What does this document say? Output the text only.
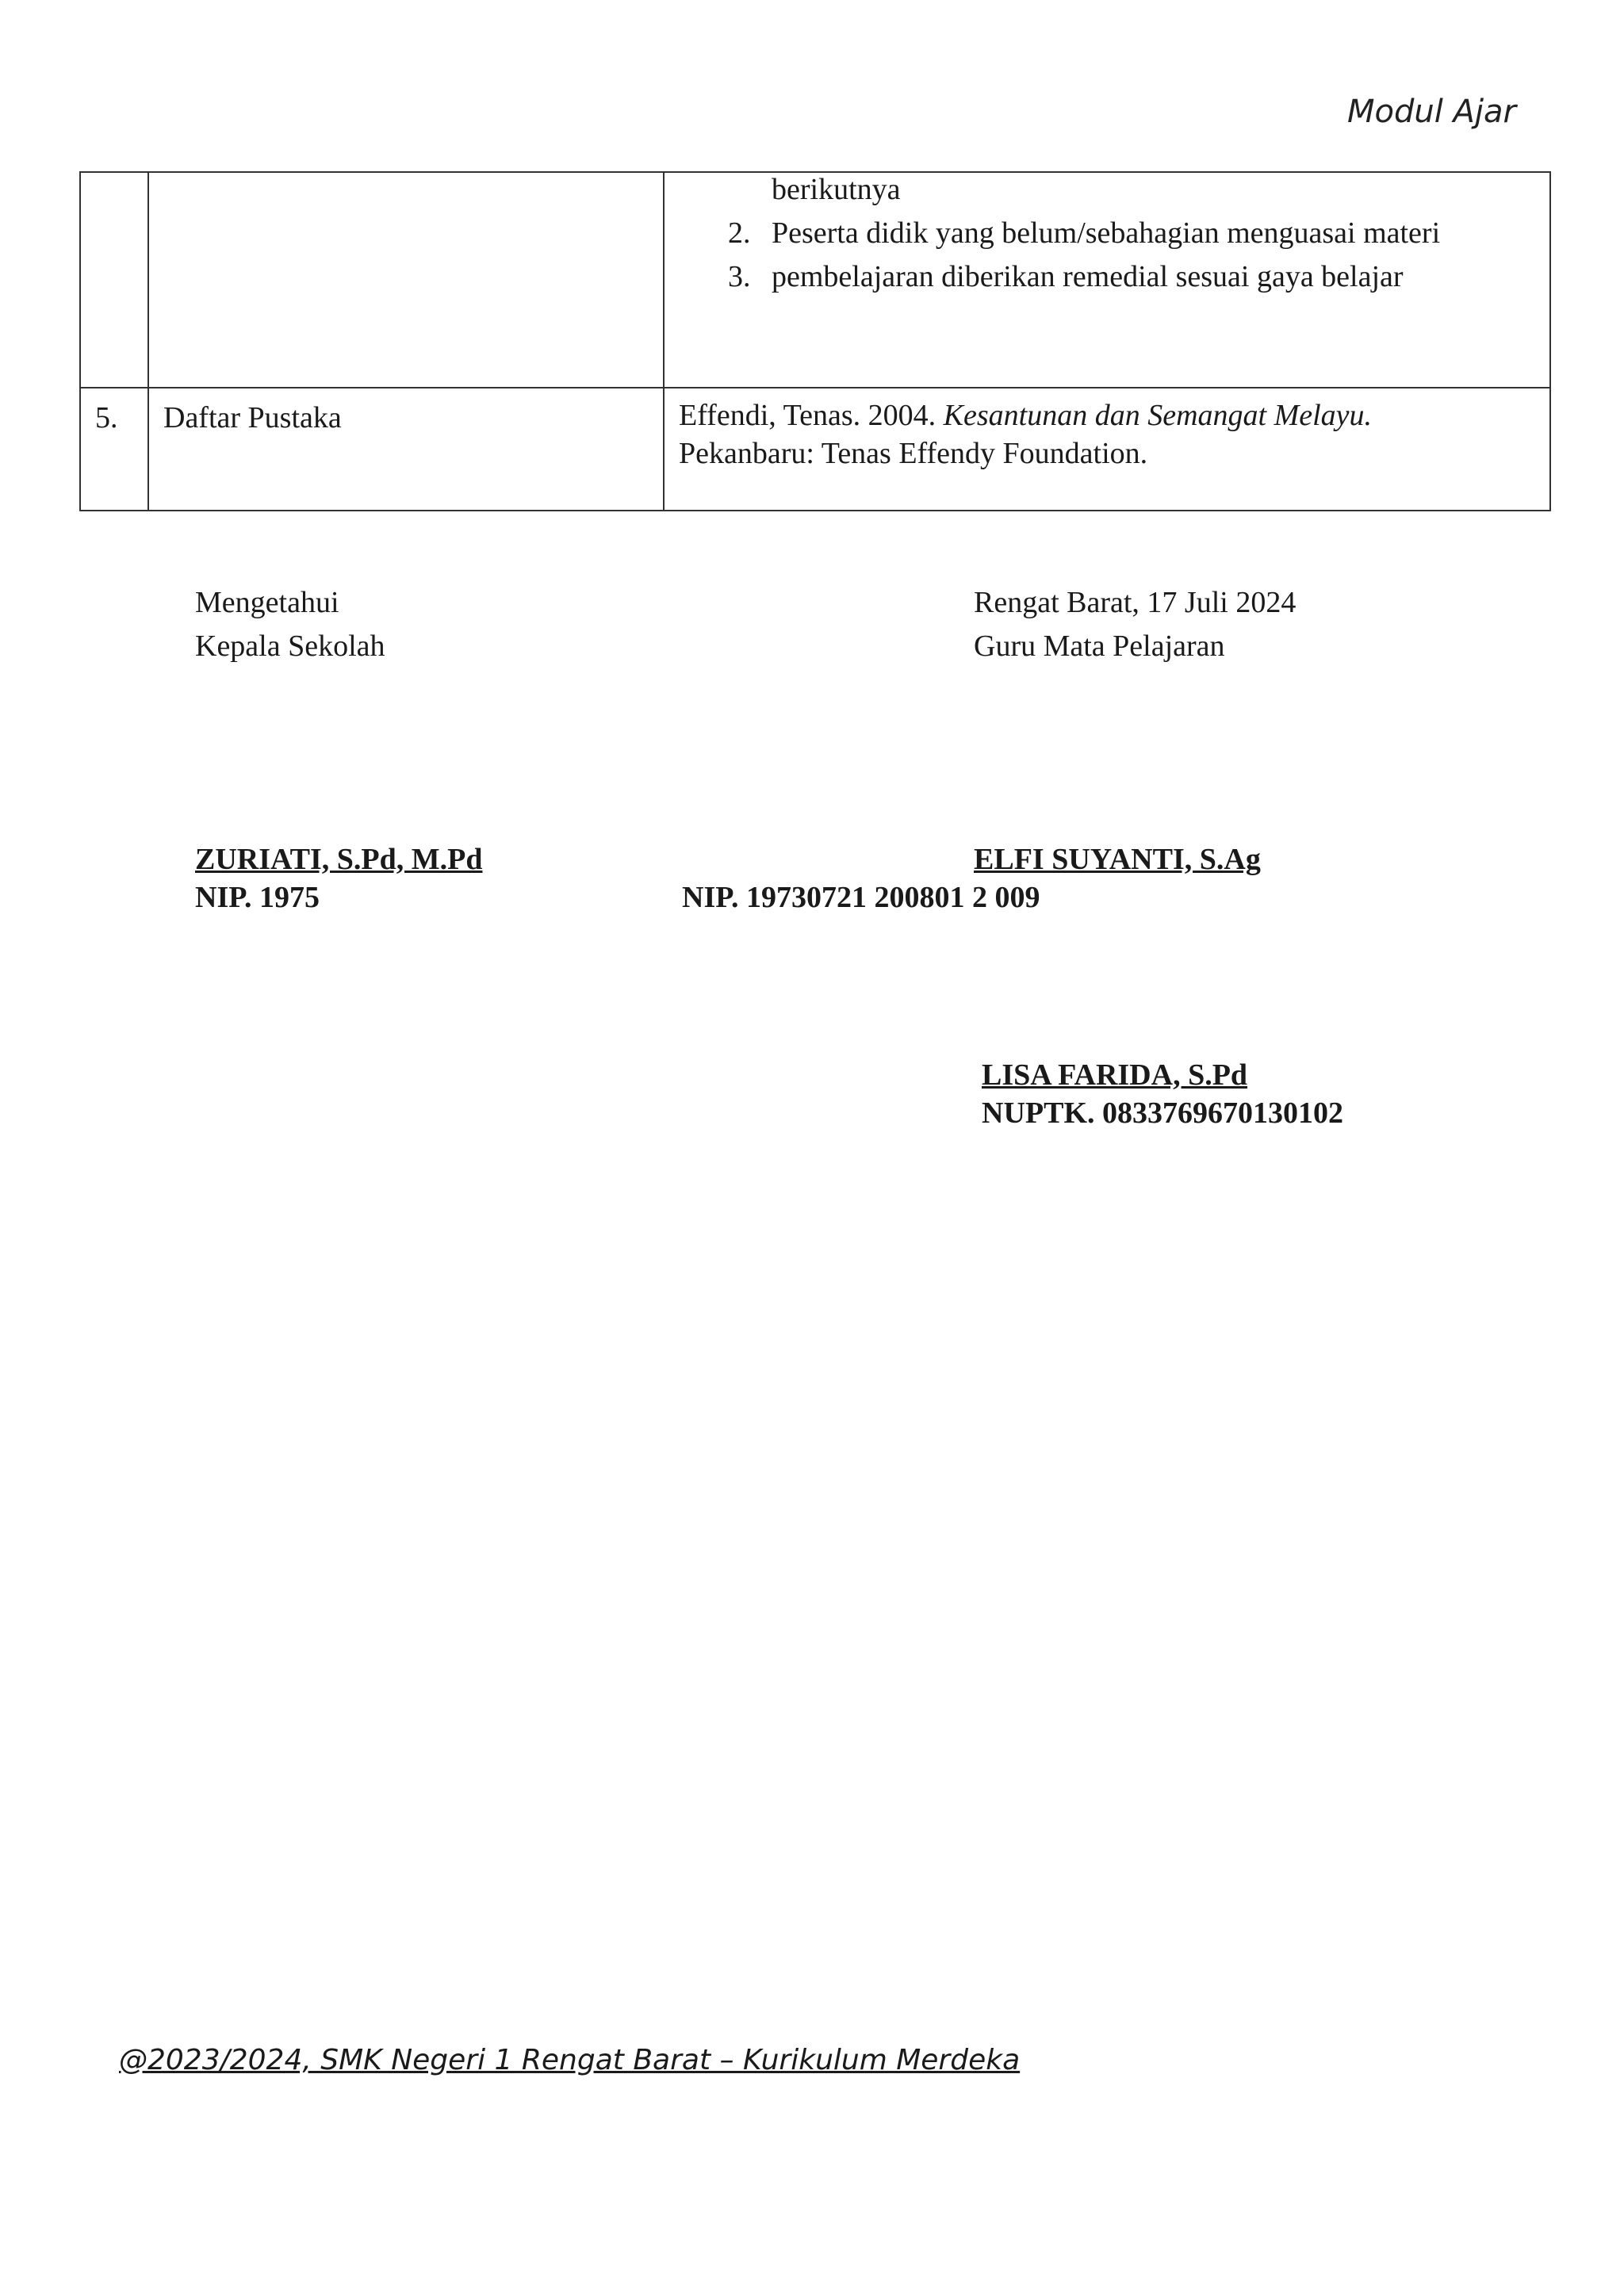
Modul Ajar

		berikutnya
2. Peserta didik yang belum/sebahagian menguasai materi
3. pembelajaran diberikan remedial sesuai gaya belajar

5.	Daftar Pustaka	Effendi, Tenas. 2004. Kesantunan dan Semangat Melayu.
Pekanbaru: Tenas Effendy Foundation.
Mengetahui
Kepala Sekolah
Rengat Barat, 17 Juli 2024
Guru Mata Pelajaran
ZURIATI, S.Pd, M.Pd
NIP. 1975
ELFI SUYANTI, S.Ag
NIP. 19730721 200801 2 009
LISA FARIDA, S.Pd
NUPTK. 0833769670130102
@2023/2024, SMK Negeri 1 Rengat Barat – Kurikulum Merdeka
